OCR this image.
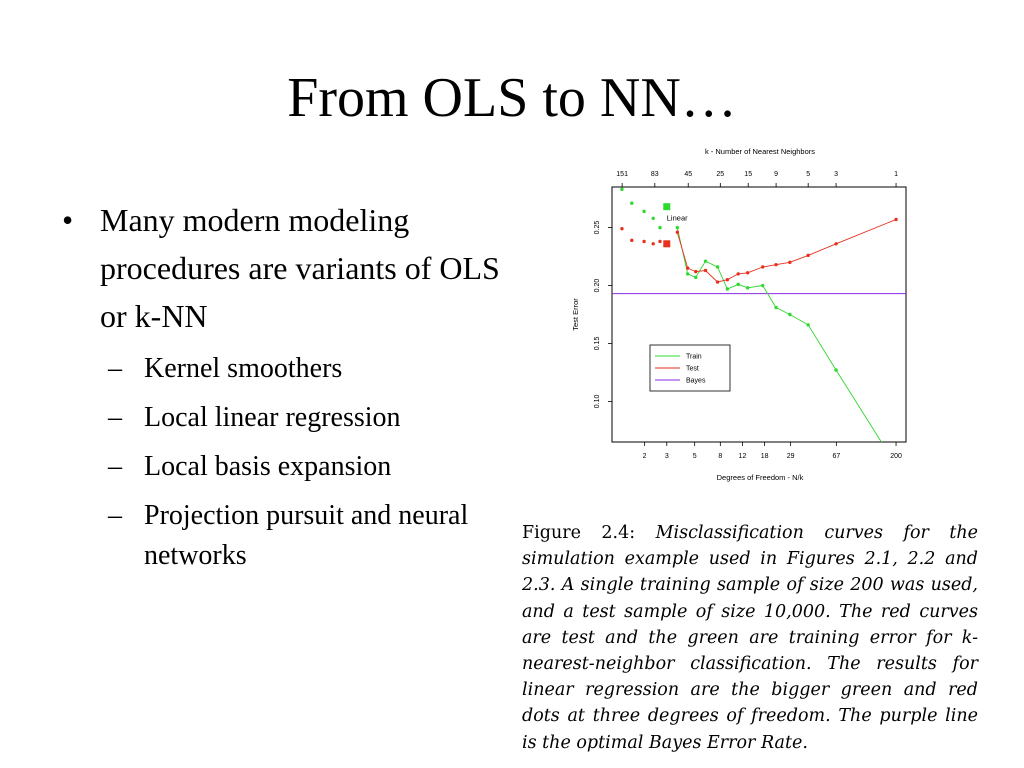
From OLS to NN…
• Many modern modeling procedures are variants of OLS or k-NN
– Kernel smoothers
– Local linear regression
– Local basis expansion
– Projection pursuit and neural networks
k - Number of Nearest Neighbors
151	83	45	25	15	9	5	3	1
2	3	5	8 12 18	29	67	200
Degrees of Freedom - N/k
0.10
0.15
0.20
0.25
Test Error
Linear
Train
Test
Bayes
Figure 2.4: Misclassification curves for the simulation example used in Figures 2.1, 2.2 and 2.3. A single training sample of size 200 was used, and a test sample of size 10,000. The red curves are test and the green are training error for k-nearest-neighbor classification. The results for linear regression are the bigger green and red dots at three degrees of freedom. The purple line is the optimal Bayes Error Rate.
